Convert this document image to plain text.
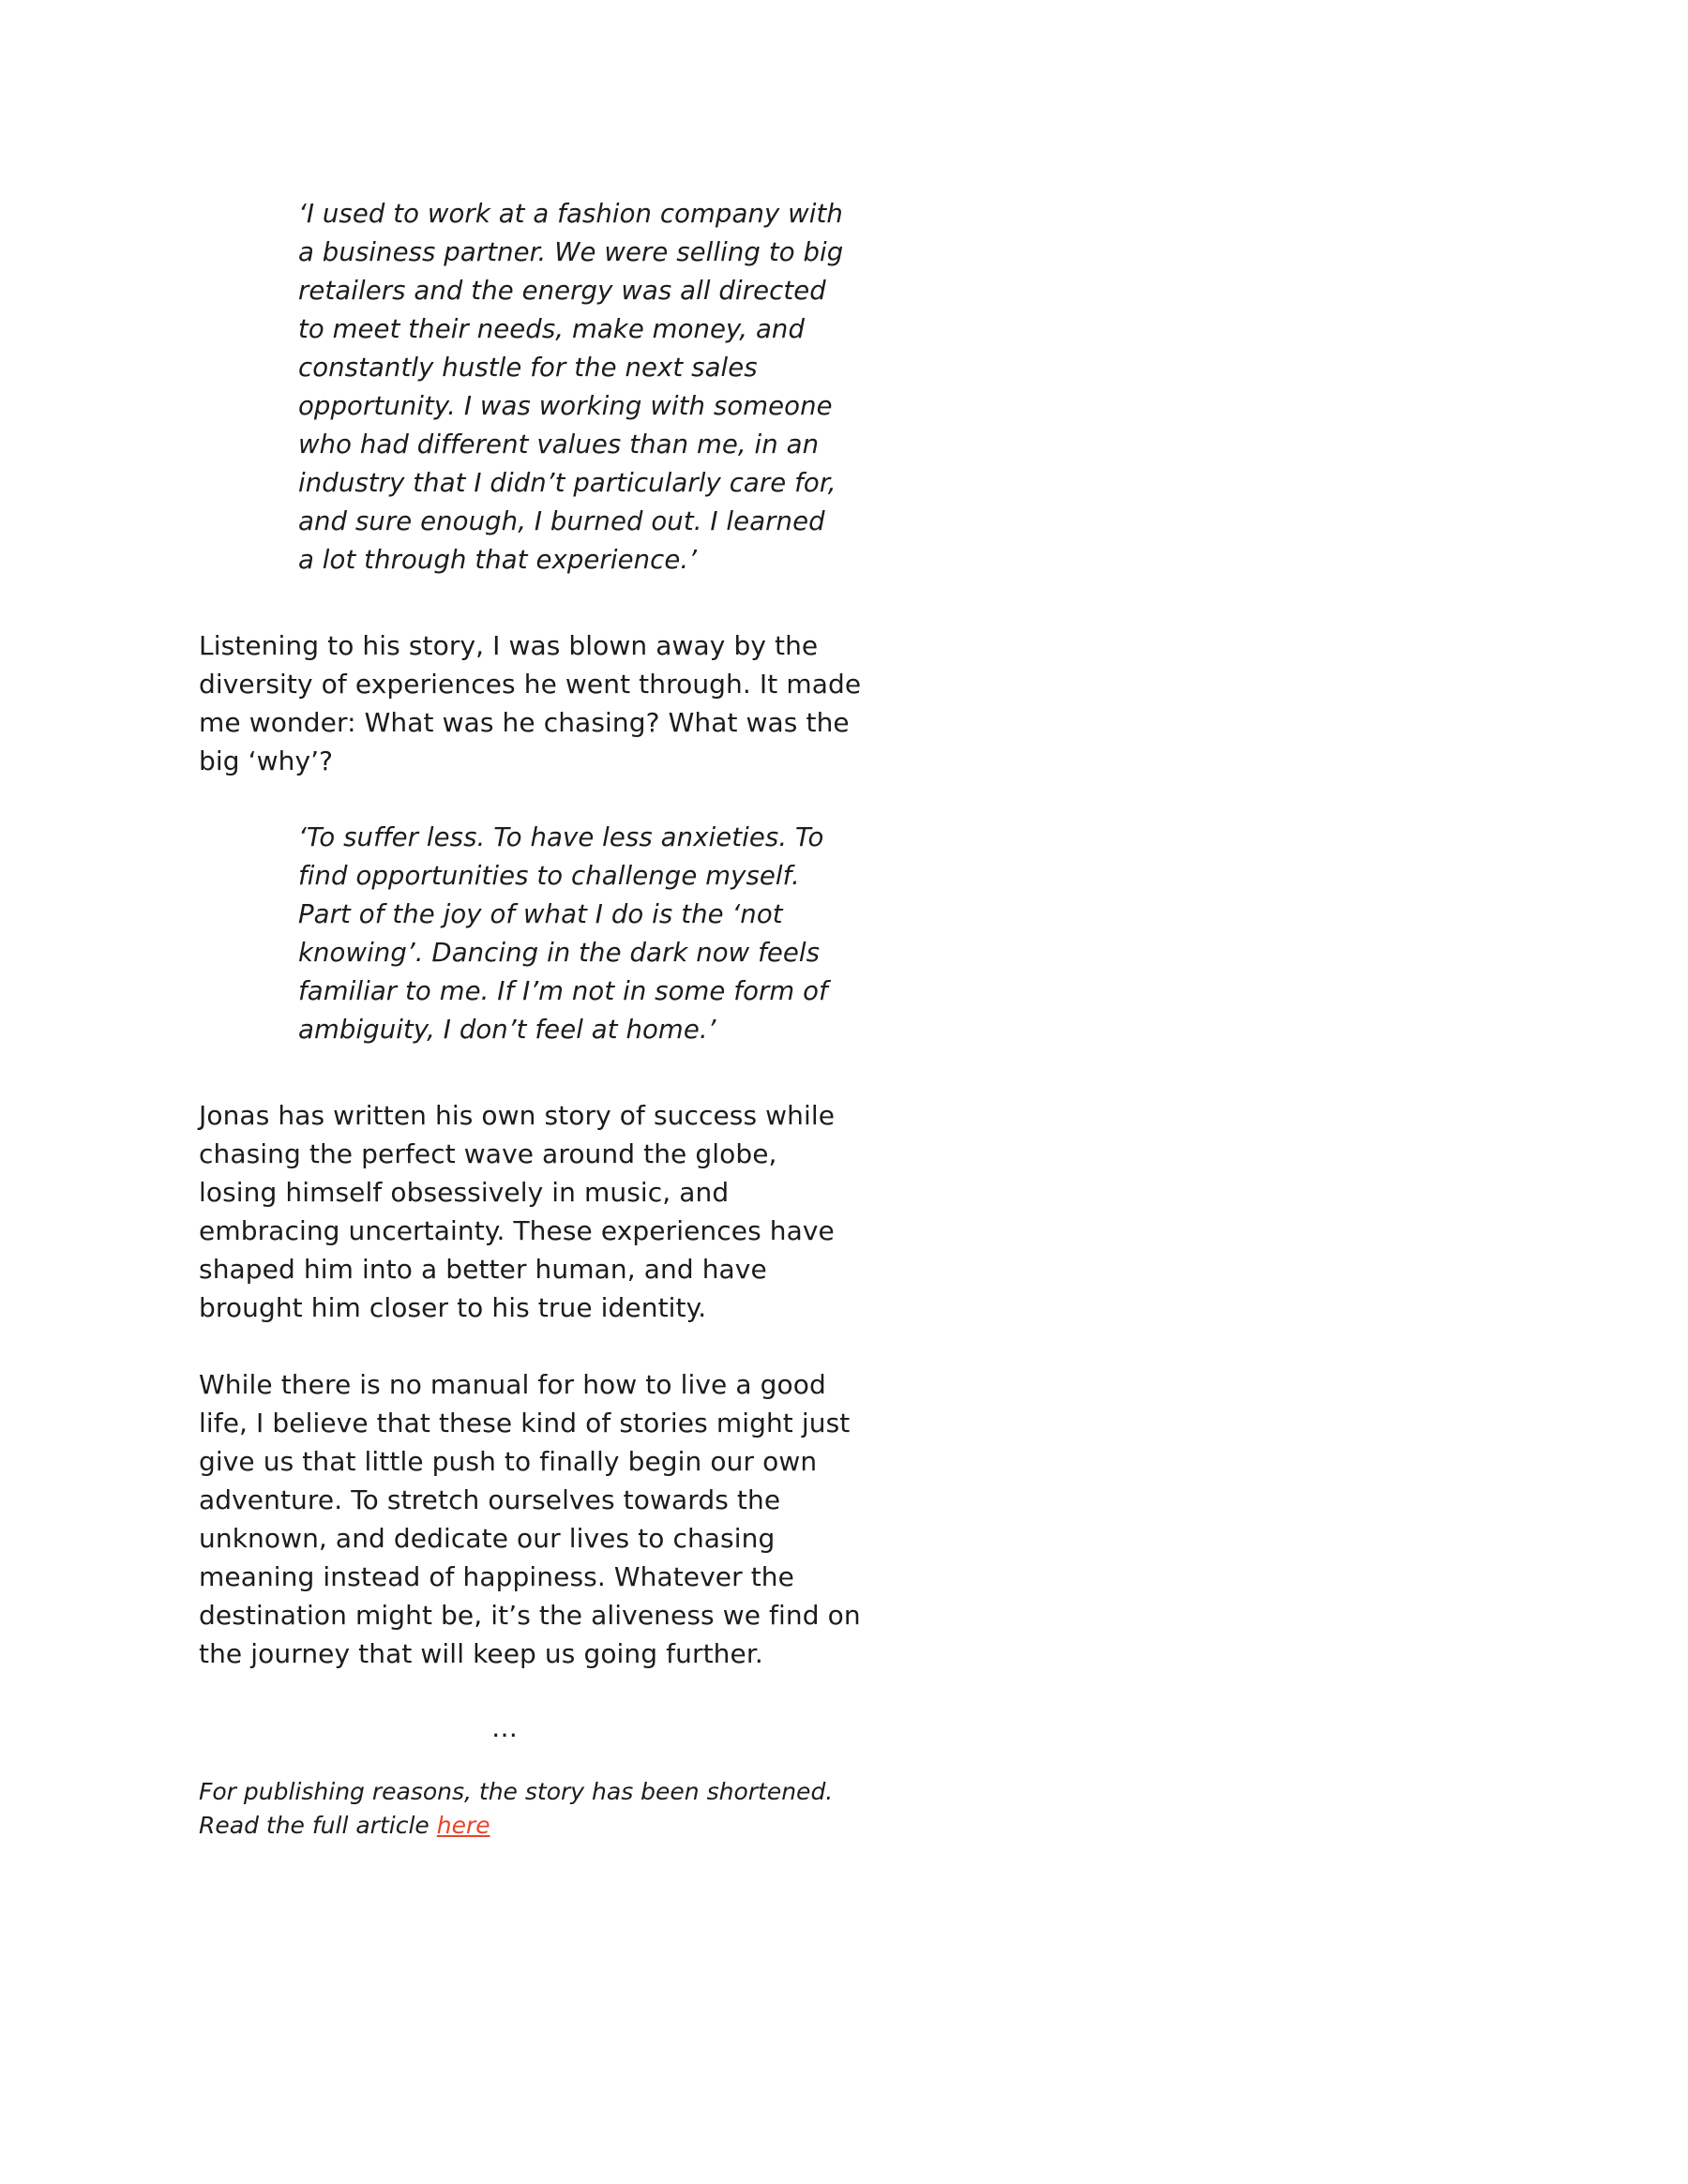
‘I used to work at a fashion company with
a business partner. We were selling to big
retailers and the energy was all directed
to meet their needs, make money, and
constantly hustle for the next sales
opportunity. I was working with someone
who had different values than me, in an
industry that I didn’t particularly care for,
and sure enough, I burned out. I learned
a lot through that experience.’
Listening to his story, I was blown away by the
diversity of experiences he went through. It made
me wonder: What was he chasing? What was the
big ‘why’?
‘To suffer less. To have less anxieties. To
find opportunities to challenge myself.
Part of the joy of what I do is the ‘not
knowing’. Dancing in the dark now feels
familiar to me. If I’m not in some form of
ambiguity, I don’t feel at home.’
Jonas has written his own story of success while
chasing the perfect wave around the globe,
losing himself obsessively in music, and
embracing uncertainty. These experiences have
shaped him into a better human, and have
brought him closer to his true identity.
While there is no manual for how to live a good
life, I believe that these kind of stories might just
give us that little push to finally begin our own
adventure. To stretch ourselves towards the
unknown, and dedicate our lives to chasing
meaning instead of happiness. Whatever the
destination might be, it’s the aliveness we find on
the journey that will keep us going further.
…
For publishing reasons, the story has been shortened.
Read the full article here
